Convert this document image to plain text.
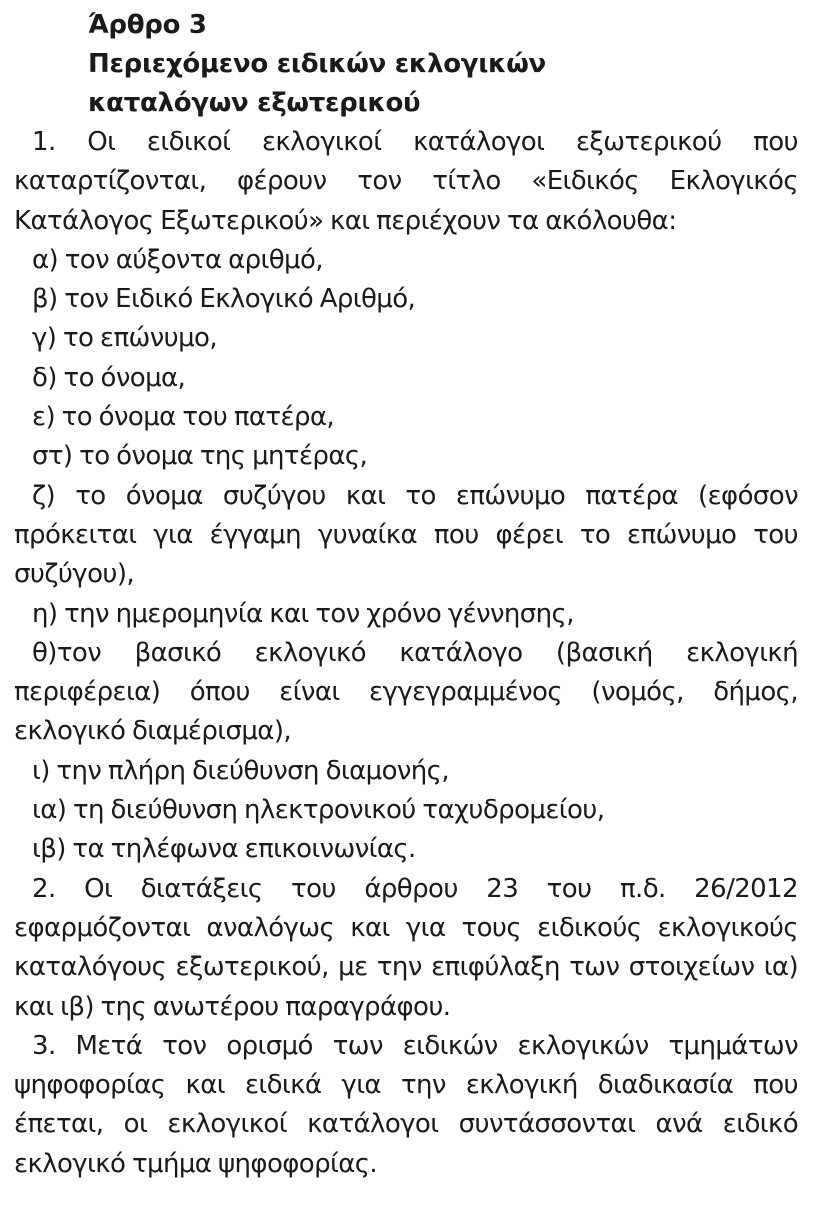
Άρθρο 3
Περιεχόμενο ειδικών εκλογικών
καταλόγων εξωτερικού

1. Οι ειδικοί εκλογικοί κατάλογοι εξωτερικού που καταρτίζονται, φέρουν τον τίτλο «Ειδικός Εκλογικός Κατάλογος Εξωτερικού» και περιέχουν τα ακόλουθα:

α) τον αύξοντα αριθμό,
β) τον Ειδικό Εκλογικό Αριθμό,
γ) το επώνυμο,
δ) το όνομα,
ε) το όνομα του πατέρα,
στ) το όνομα της μητέρας,
ζ) το όνομα συζύγου και το επώνυμο πατέρα (εφόσον πρόκειται για έγγαμη γυναίκα που φέρει το επώνυμο του συζύγου),
η) την ημερομηνία και τον χρόνο γέννησης,
θ)τον βασικό εκλογικό κατάλογο (βασική εκλογική περιφέρεια) όπου είναι εγγεγραμμένος (νομός, δήμος, εκλογικό διαμέρισμα),
ι) την πλήρη διεύθυνση διαμονής,
ια) τη διεύθυνση ηλεκτρονικού ταχυδρομείου,
ιβ) τα τηλέφωνα επικοινωνίας.

2. Οι διατάξεις του άρθρου 23 του π.δ. 26/2012 εφαρμόζονται αναλόγως και για τους ειδικούς εκλογικούς καταλόγους εξωτερικού, με την επιφύλαξη των στοιχείων ια) και ιβ) της ανωτέρου παραγράφου.

3. Μετά τον ορισμό των ειδικών εκλογικών τμημάτων ψηφοφορίας και ειδικά για την εκλογική διαδικασία που έπεται, οι εκλογικοί κατάλογοι συντάσσονται ανά ειδικό εκλογικό τμήμα ψηφοφορίας.
